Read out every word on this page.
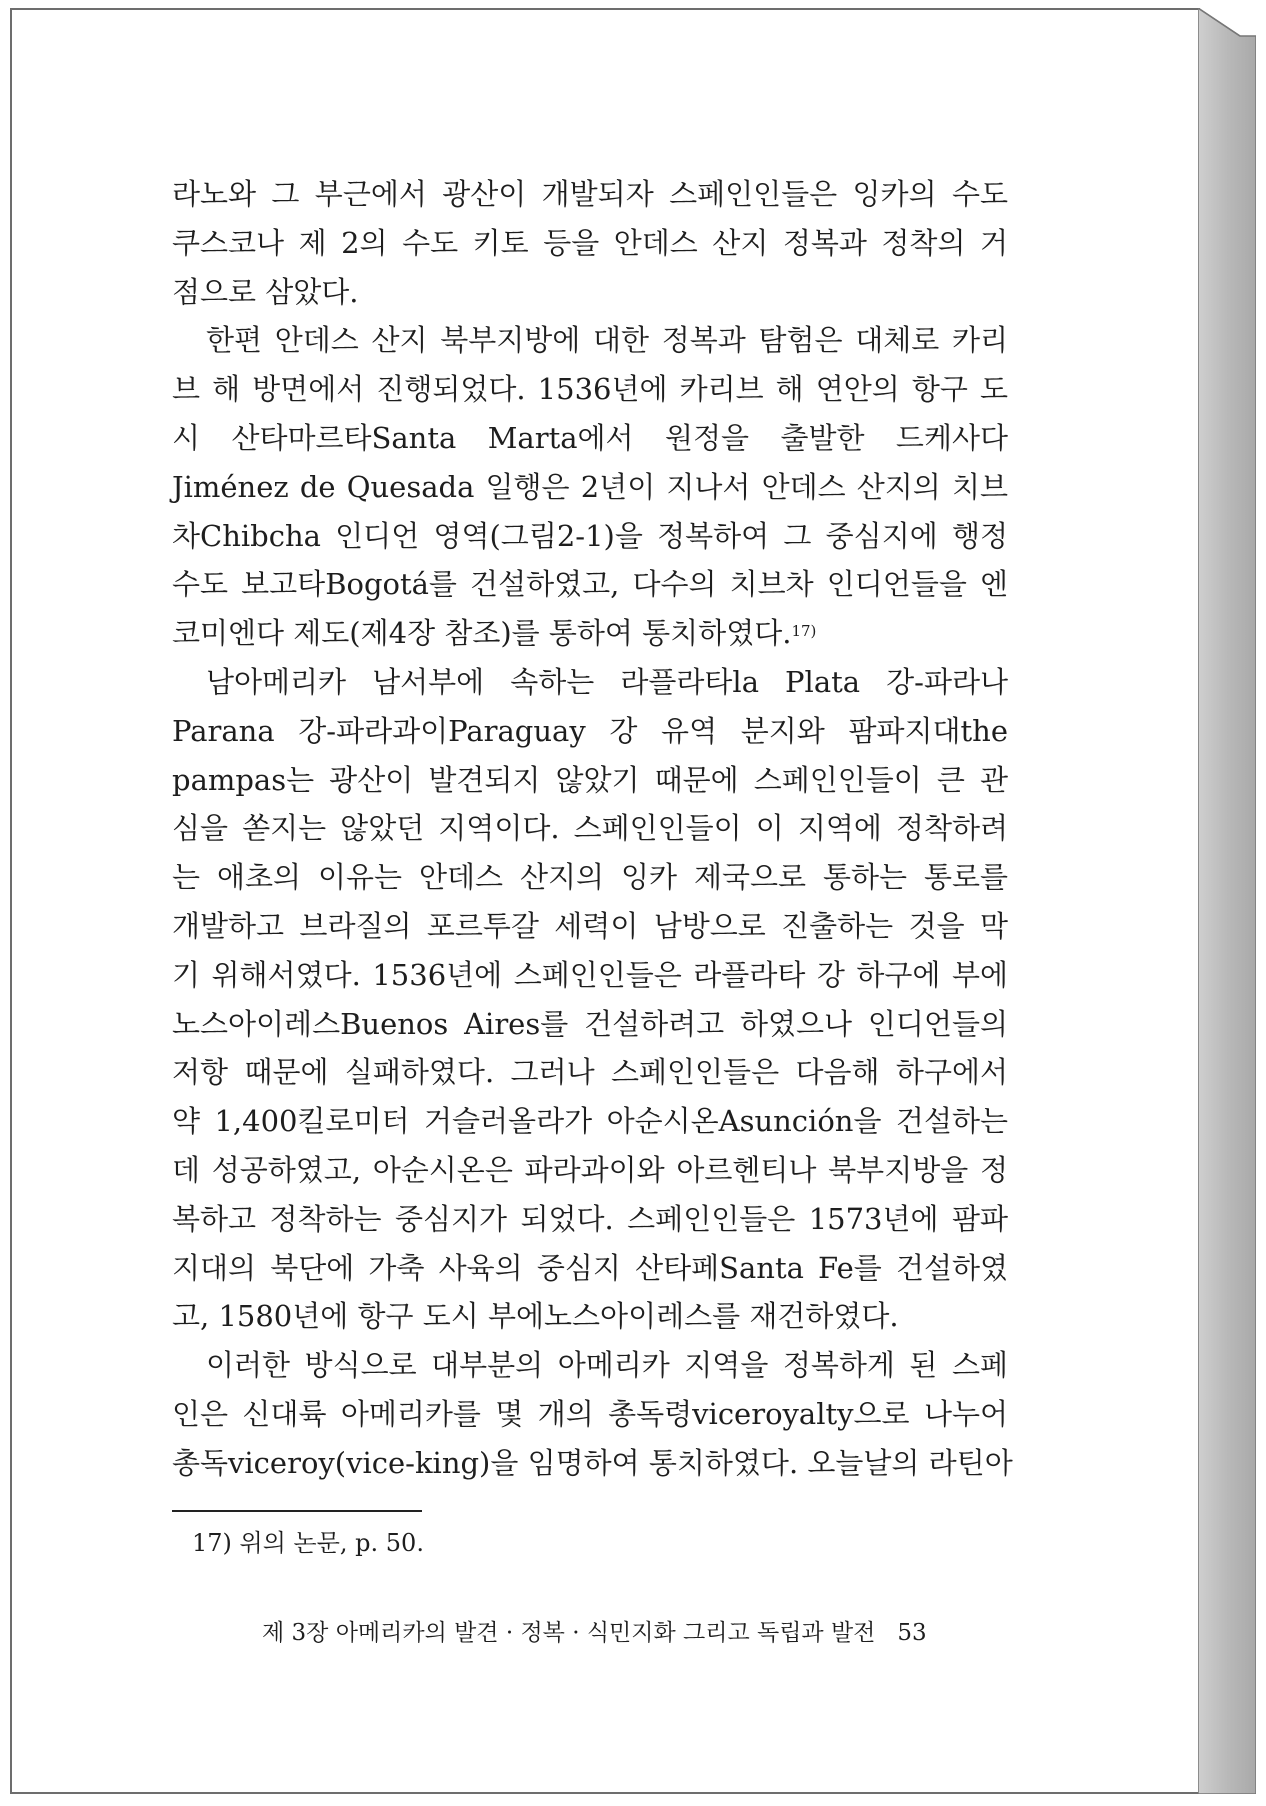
라노와 그 부근에서 광산이 개발되자 스페인인들은 잉카의 수도
쿠스코나 제 2의 수도 키토 등을 안데스 산지 정복과 정착의 거
점으로 삼았다.
한편 안데스 산지 북부지방에 대한 정복과 탐험은 대체로 카리
브 해 방면에서 진행되었다. 1536년에 카리브 해 연안의 항구 도
시 산타마르타Santa Marta에서 원정을 출발한 드케사다
Jiménez de Quesada 일행은 2년이 지나서 안데스 산지의 치브
차Chibcha 인디언 영역(그림2-1)을 정복하여 그 중심지에 행정
수도 보고타Bogotá를 건설하였고, 다수의 치브차 인디언들을 엔
코미엔다 제도(제4장 참조)를 통하여 통치하였다.$^{17)}$
남아메리카 남서부에 속하는 라플라타la Plata 강-파라나
Parana 강-파라과이Paraguay 강 유역 분지와 팜파지대the
pampas는 광산이 발견되지 않았기 때문에 스페인인들이 큰 관
심을 쏟지는 않았던 지역이다. 스페인인들이 이 지역에 정착하려
는 애초의 이유는 안데스 산지의 잉카 제국으로 통하는 통로를
개발하고 브라질의 포르투갈 세력이 남방으로 진출하는 것을 막
기 위해서였다. 1536년에 스페인인들은 라플라타 강 하구에 부에
노스아이레스Buenos Aires를 건설하려고 하였으나 인디언들의
저항 때문에 실패하였다. 그러나 스페인인들은 다음해 하구에서
약 1,400킬로미터 거슬러올라가 아순시온Asunción을 건설하는
데 성공하였고, 아순시온은 파라과이와 아르헨티나 북부지방을 정
복하고 정착하는 중심지가 되었다. 스페인인들은 1573년에 팜파
지대의 북단에 가축 사육의 중심지 산타페Santa Fe를 건설하였
고, 1580년에 항구 도시 부에노스아이레스를 재건하였다.
이러한 방식으로 대부분의 아메리카 지역을 정복하게 된 스페
인은 신대륙 아메리카를 몇 개의 총독령viceroyalty으로 나누어
총독viceroy(vice-king)을 임명하여 통치하였다. 오늘날의 라틴아
17) 위의 논문, p. 50.
제 3장 아메리카의 발견 · 정복 · 식민지화 그리고 독립과 발전 53
